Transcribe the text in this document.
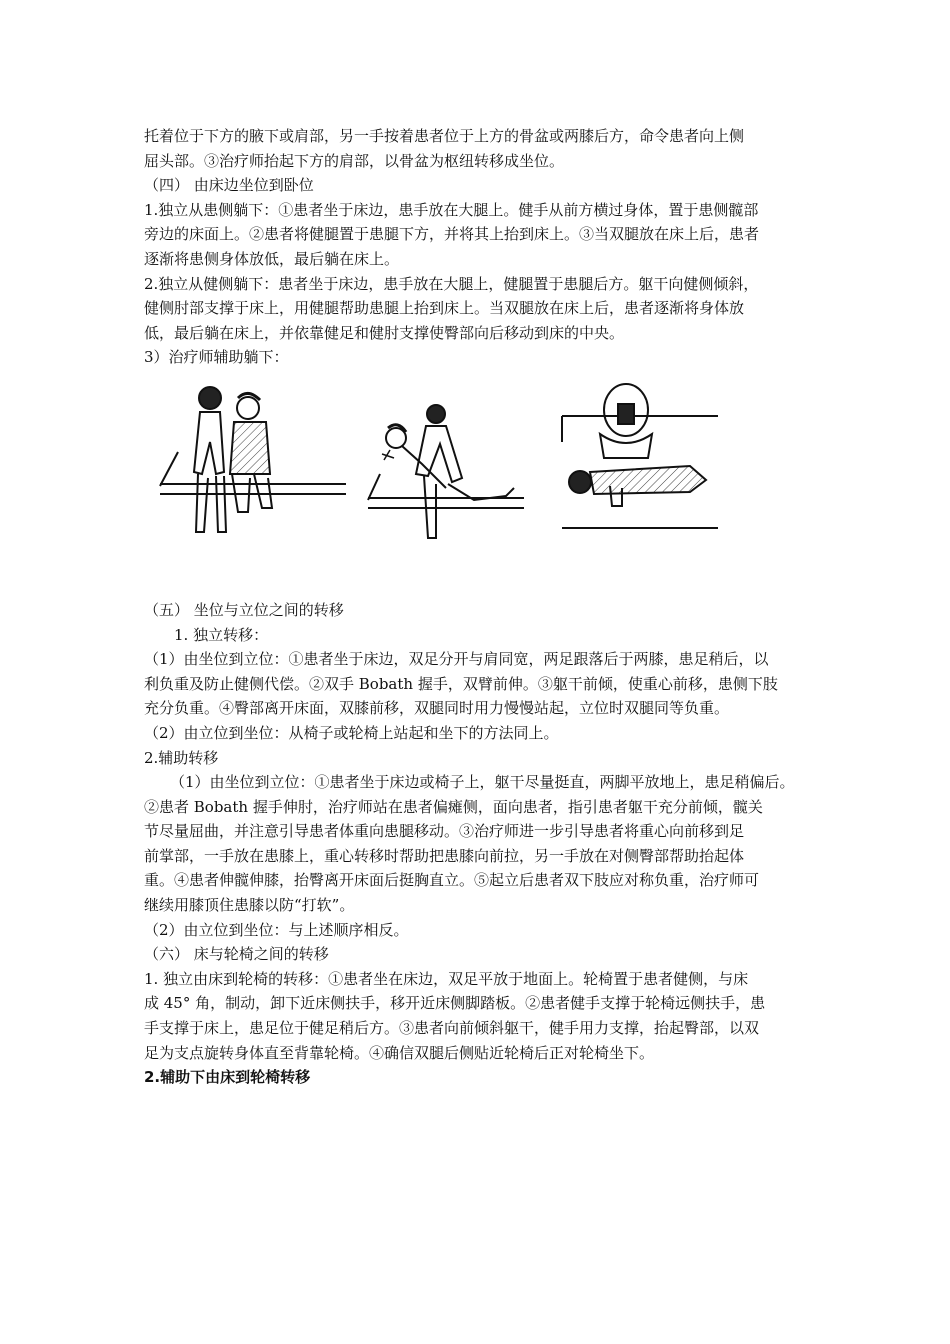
托着位于下方的腋下或肩部，另一手按着患者位于上方的骨盆或两膝后方，命令患者向上侧

屈头部。③治疗师抬起下方的肩部，以骨盆为枢纽转移成坐位。

（四） 由床边坐位到卧位

1.独立从患侧躺下：①患者坐于床边，患手放在大腿上。健手从前方横过身体，置于患侧髋部

旁边的床面上。②患者将健腿置于患腿下方，并将其上抬到床上。③当双腿放在床上后，患者

逐渐将患侧身体放低，最后躺在床上。

2.独立从健侧躺下：患者坐于床边，患手放在大腿上，健腿置于患腿后方。躯干向健侧倾斜，

健侧肘部支撑于床上，用健腿帮助患腿上抬到床上。当双腿放在床上后，患者逐渐将身体放

低，最后躺在床上，并依靠健足和健肘支撑使臀部向后移动到床的中央。

3）治疗师辅助躺下：

（五） 坐位与立位之间的转移

1. 独立转移：

（1）由坐位到立位：①患者坐于床边，双足分开与肩同宽，两足跟落后于两膝，患足稍后，以

利负重及防止健侧代偿。②双手 Bobath 握手，双臂前伸。③躯干前倾，使重心前移，患侧下肢

充分负重。④臀部离开床面，双膝前移，双腿同时用力慢慢站起，立位时双腿同等负重。

（2）由立位到坐位：从椅子或轮椅上站起和坐下的方法同上。

2.辅助转移

（1）由坐位到立位：①患者坐于床边或椅子上，躯干尽量挺直，两脚平放地上，患足稍偏后。

②患者 Bobath 握手伸肘，治疗师站在患者偏瘫侧，面向患者，指引患者躯干充分前倾，髋关

节尽量屈曲，并注意引导患者体重向患腿移动。③治疗师进一步引导患者将重心向前移到足

前掌部，一手放在患膝上，重心转移时帮助把患膝向前拉，另一手放在对侧臀部帮助抬起体

重。④患者伸髋伸膝，抬臀离开床面后挺胸直立。⑤起立后患者双下肢应对称负重，治疗师可

继续用膝顶住患膝以防“打软”。

（2）由立位到坐位：与上述顺序相反。

（六） 床与轮椅之间的转移

1. 独立由床到轮椅的转移：①患者坐在床边，双足平放于地面上。轮椅置于患者健侧，与床

成 45° 角，制动，卸下近床侧扶手，移开近床侧脚踏板。②患者健手支撑于轮椅远侧扶手，患

手支撑于床上，患足位于健足稍后方。③患者向前倾斜躯干，健手用力支撑，抬起臀部，以双

足为支点旋转身体直至背靠轮椅。④确信双腿后侧贴近轮椅后正对轮椅坐下。

2.辅助下由床到轮椅转移
